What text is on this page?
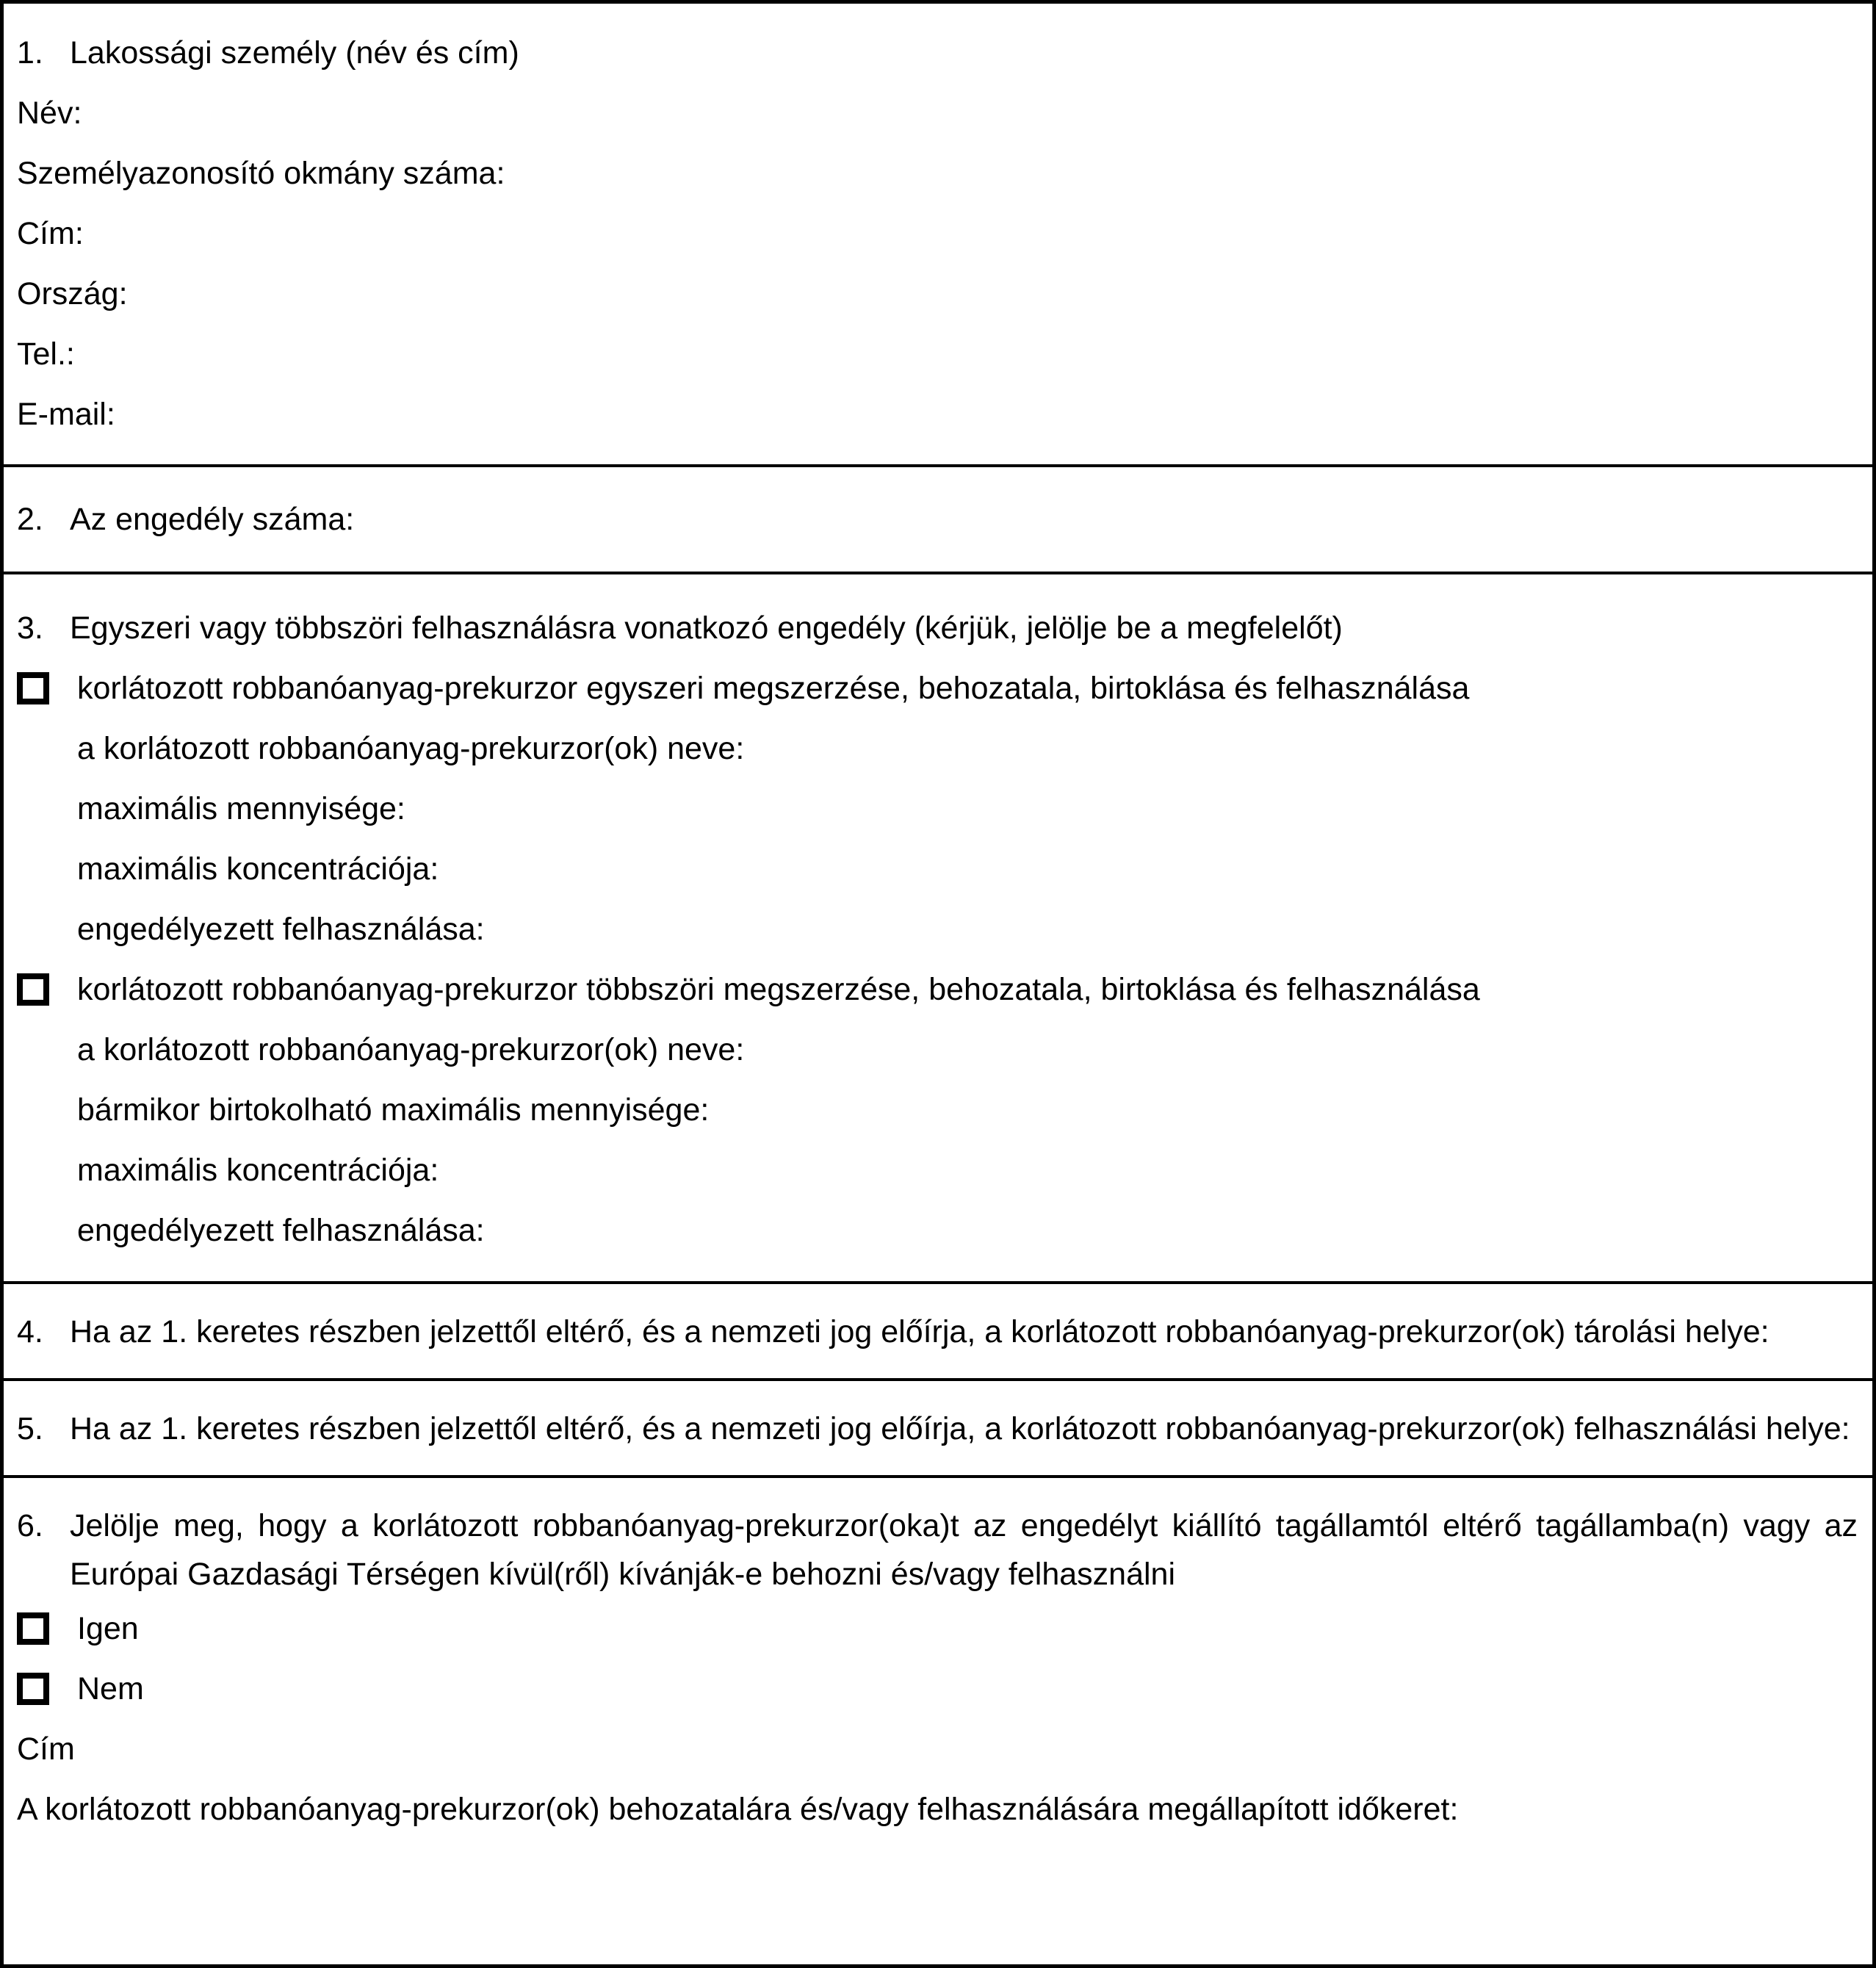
1. Lakossági személy (név és cím)
Név:
Személyazonosító okmány száma:
Cím:
Ország:
Tel.:
E-mail:
2. Az engedély száma:
3. Egyszeri vagy többszöri felhasználásra vonatkozó engedély (kérjük, jelölje be a megfelelőt)
korlátozott robbanóanyag-prekurzor egyszeri megszerzése, behozatala, birtoklása és felhasználása
a korlátozott robbanóanyag-prekurzor(ok) neve:
maximális mennyisége:
maximális koncentrációja:
engedélyezett felhasználása:
korlátozott robbanóanyag-prekurzor többszöri megszerzése, behozatala, birtoklása és felhasználása
a korlátozott robbanóanyag-prekurzor(ok) neve:
bármikor birtokolható maximális mennyisége:
maximális koncentrációja:
engedélyezett felhasználása:
4. Ha az 1. keretes részben jelzettől eltérő, és a nemzeti jog előírja, a korlátozott robbanóanyag-prekurzor(ok) tárolási helye:
5. Ha az 1. keretes részben jelzettől eltérő, és a nemzeti jog előírja, a korlátozott robbanóanyag-prekurzor(ok) felhasználási helye:
6. Jelölje meg, hogy a korlátozott robbanóanyag-prekurzor(oka)t az engedélyt kiállító tagállamtól eltérő tagállamba(n) vagy az Európai Gazdasági Térségen kívül(ről) kívánják-e behozni és/vagy felhasználni
Igen
Nem
Cím
A korlátozott robbanóanyag-prekurzor(ok) behozatalára és/vagy felhasználására megállapított időkeret:
